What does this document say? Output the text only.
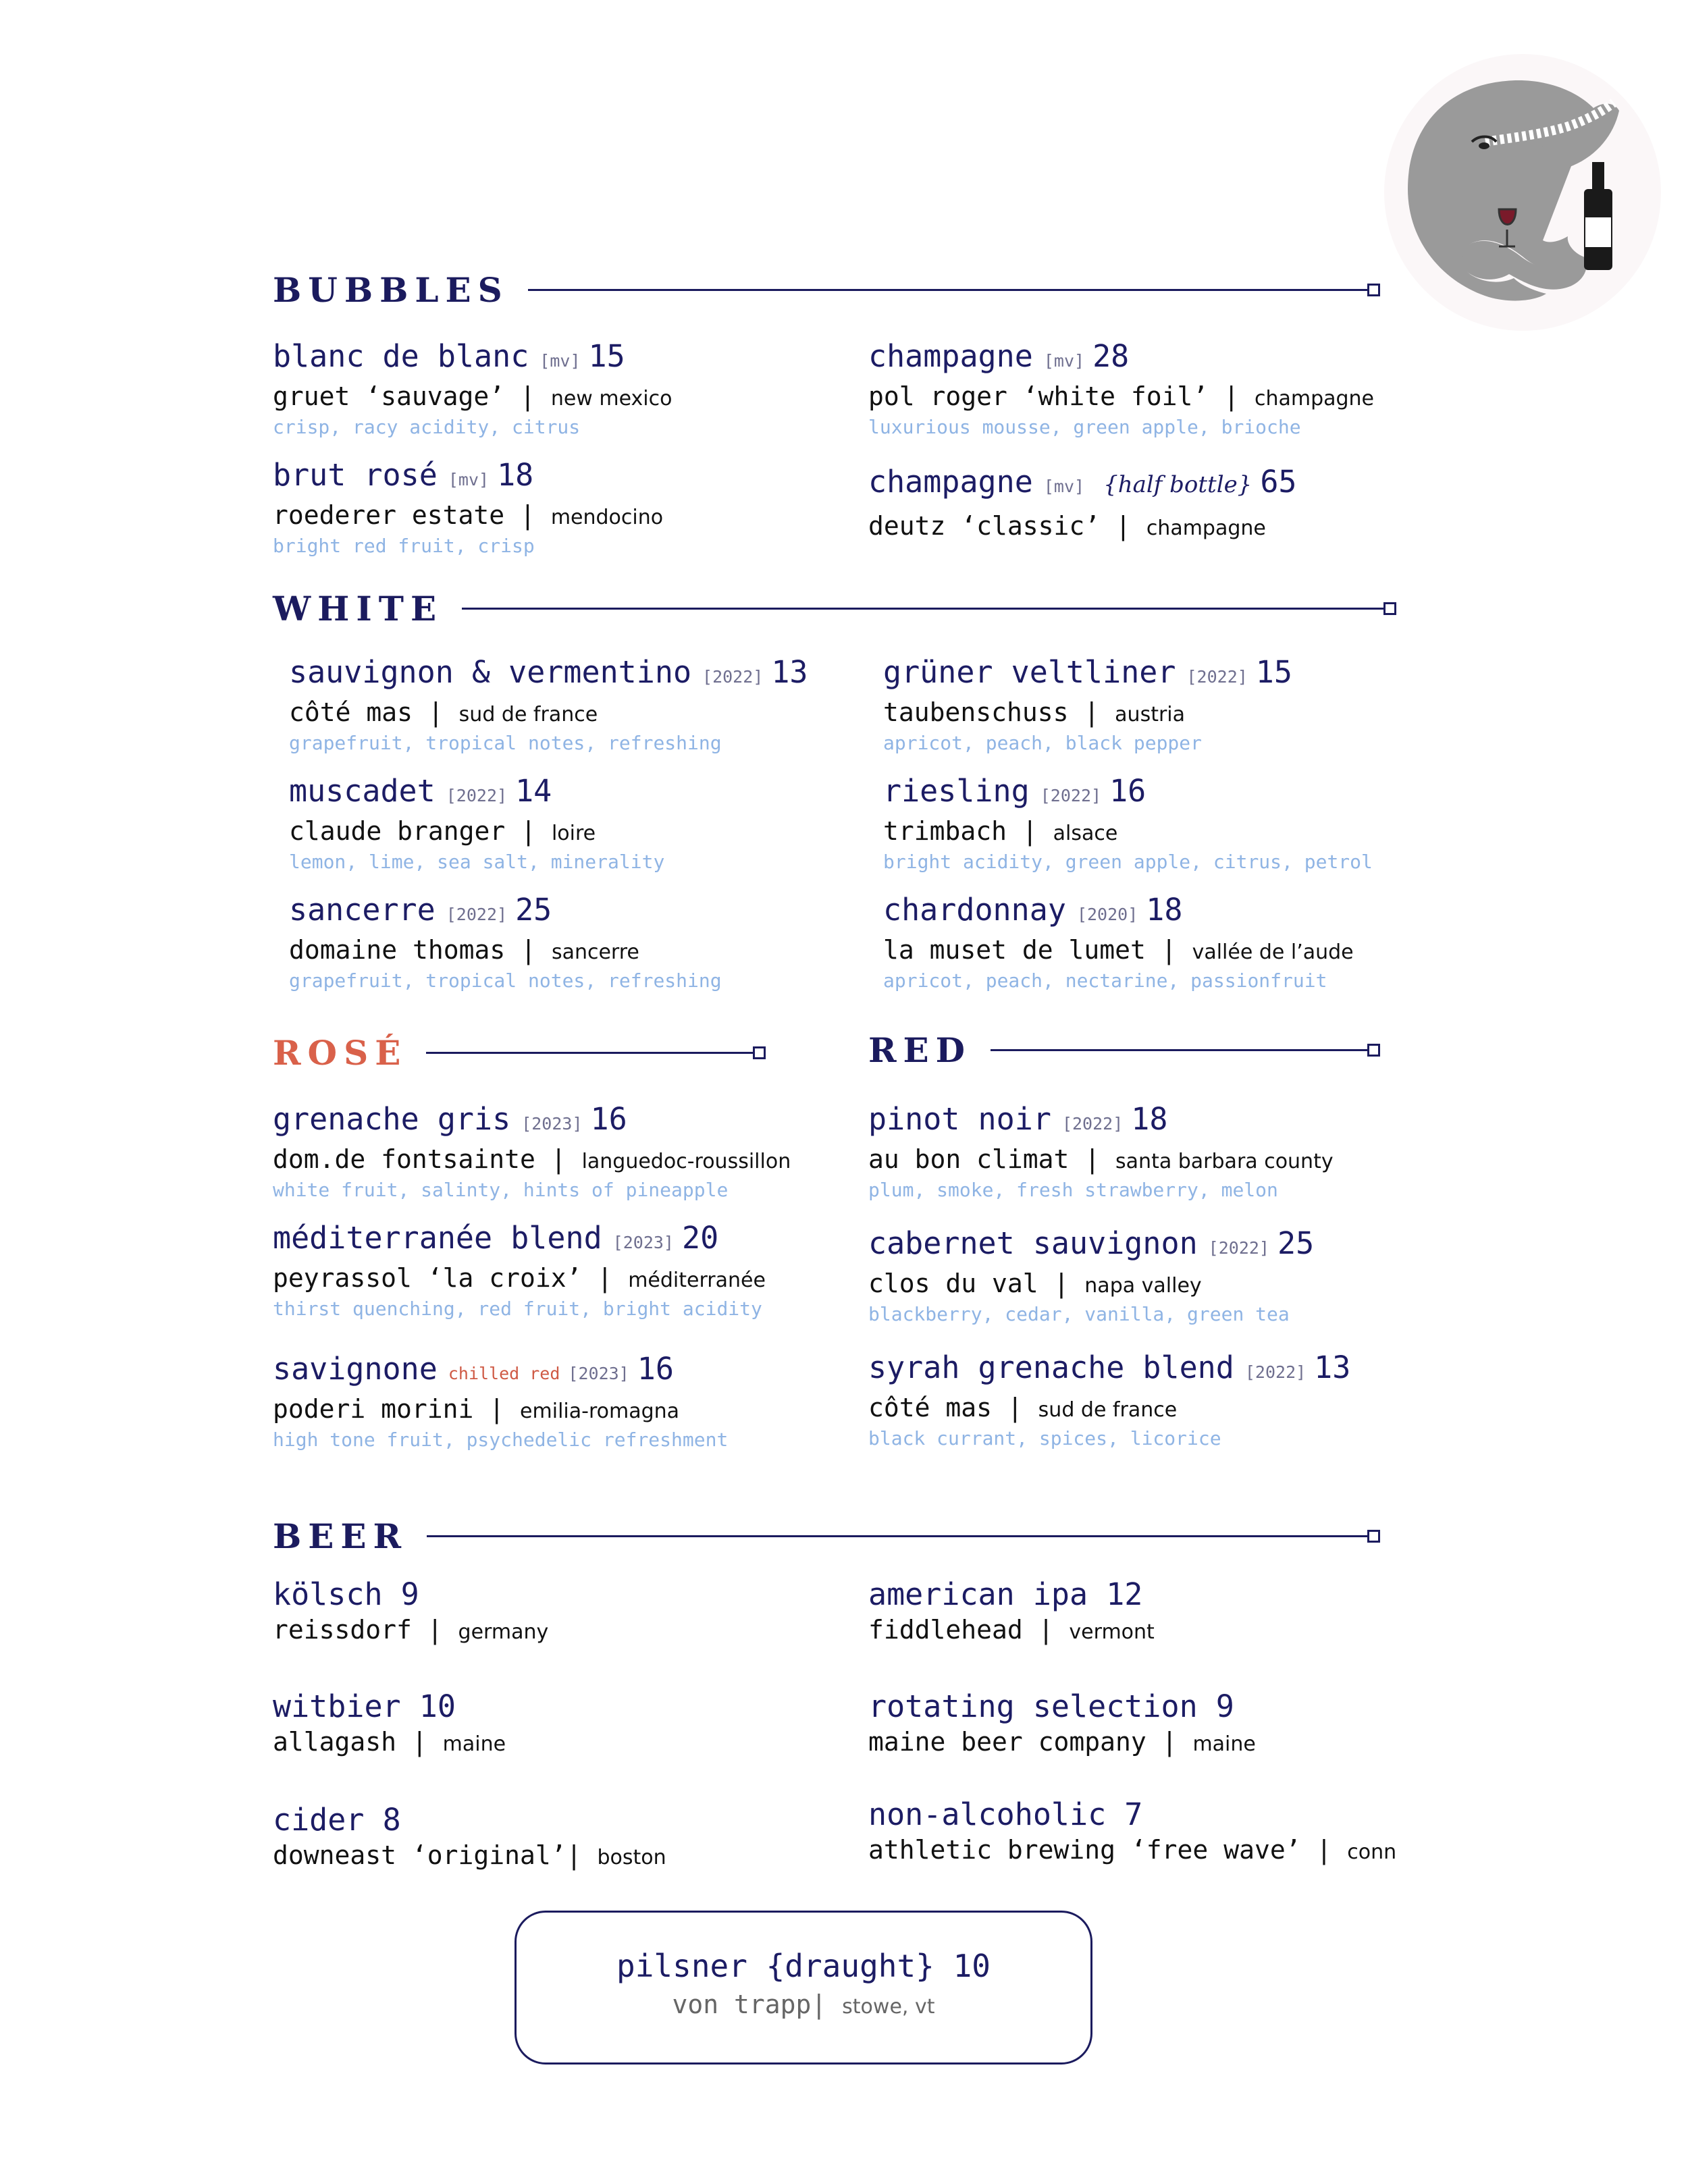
BUBBLES
blanc de blanc [mv] 15
gruet ‘sauvage’ | new mexico
crisp, racy acidity, citrus
champagne [mv] 28
pol roger ‘white foil’ | champagne
luxurious mousse, green apple, brioche
brut rosé [mv] 18
roederer estate | mendocino
bright red fruit, crisp
champagne [mv] {half bottle} 65
deutz ‘classic’ | champagne
WHITE
sauvignon & vermentino [2022] 13
côté mas | sud de france
grapefruit, tropical notes, refreshing
grüner veltliner [2022] 15
taubenschuss | austria
apricot, peach, black pepper
muscadet [2022] 14
claude branger | loire
lemon, lime, sea salt, minerality
riesling [2022] 16
trimbach | alsace
bright acidity, green apple, citrus, petrol
sancerre [2022] 25
domaine thomas | sancerre
grapefruit, tropical notes, refreshing
chardonnay [2020] 18
la muset de lumet | vallée de l’aude
apricot, peach, nectarine, passionfruit
ROSÉ
grenache gris [2023] 16
dom.de fontsainte | languedoc-roussillon
white fruit, salinty, hints of pineapple
méditerranée blend [2023] 20
peyrassol ‘la croix’ | méditerranée
thirst quenching, red fruit, bright acidity
savignone chilled red [2023] 16
poderi morini | emilia-romagna
high tone fruit, psychedelic refreshment
RED
pinot noir [2022] 18
au bon climat | santa barbara county
plum, smoke, fresh strawberry, melon
cabernet sauvignon [2022] 25
clos du val | napa valley
blackberry, cedar, vanilla, green tea
syrah grenache blend [2022] 13
côté mas | sud de france
black currant, spices, licorice
BEER
kölsch 9
reissdorf | germany
american ipa 12
fiddlehead | vermont
witbier 10
allagash | maine
rotating selection 9
maine beer company | maine
cider 8
downeast ‘original’| boston
non-alcoholic 7
athletic brewing ‘free wave’ | conn
pilsner {draught} 10
von trapp| stowe, vt
